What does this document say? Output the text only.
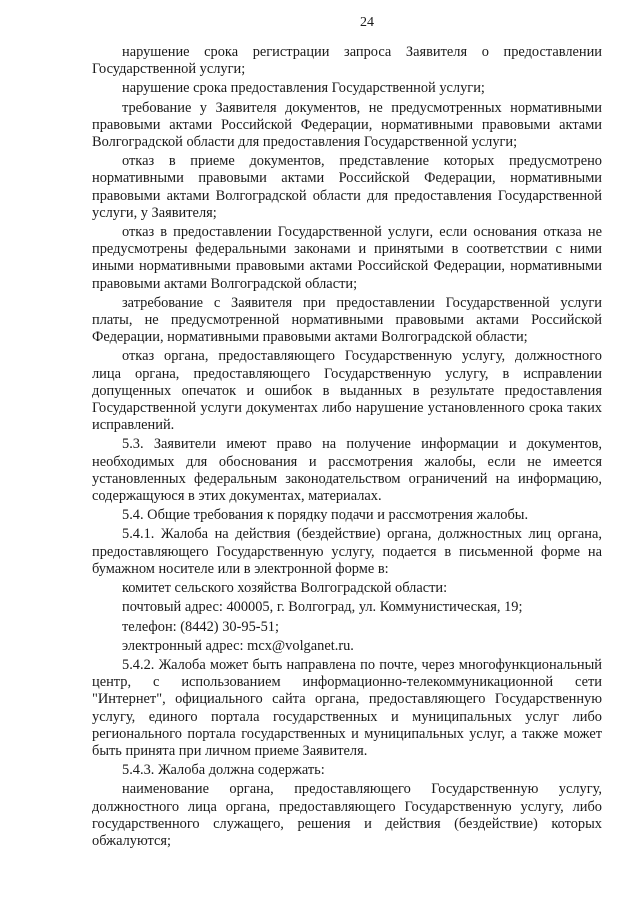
24

нарушение срока регистрации запроса Заявителя о предоставлении Государственной услуги;

нарушение срока предоставления Государственной услуги;

требование у Заявителя документов, не предусмотренных нормативными правовыми актами Российской Федерации, нормативными правовыми актами Волгоградской области для предоставления Государственной услуги;

отказ в приеме документов, представление которых предусмотрено нормативными правовыми актами Российской Федерации, нормативными правовыми актами Волгоградской области для предоставления Государственной услуги, у Заявителя;

отказ в предоставлении Государственной услуги, если основания отказа не предусмотрены федеральными законами и принятыми в соответствии с ними иными нормативными правовыми актами Российской Федерации, нормативными правовыми актами Волгоградской области;

затребование с Заявителя при предоставлении Государственной услуги платы, не предусмотренной нормативными правовыми актами Российской Федерации, нормативными правовыми актами Волгоградской области;

отказ органа, предоставляющего Государственную услугу, должностного лица органа, предоставляющего Государственную услугу, в исправлении допущенных опечаток и ошибок в выданных в результате предоставления Государственной услуги документах либо нарушение установленного срока таких исправлений.

5.3. Заявители имеют право на получение информации и документов, необходимых для обоснования и рассмотрения жалобы, если не имеется установленных федеральным законодательством ограничений на информацию, содержащуюся в этих документах, материалах.

5.4. Общие требования к порядку подачи и рассмотрения жалобы.

5.4.1. Жалоба на действия (бездействие) органа, должностных лиц органа, предоставляющего Государственную услугу, подается в письменной форме на бумажном носителе или в электронной форме в:

комитет сельского хозяйства Волгоградской области:

почтовый адрес: 400005, г. Волгоград, ул. Коммунистическая, 19;

телефон: (8442) 30-95-51;

электронный адрес: mcx@volganet.ru.

5.4.2. Жалоба может быть направлена по почте, через многофункциональный центр, с использованием информационно-телекоммуникационной сети "Интернет", официального сайта органа, предоставляющего Государственную услугу, единого портала государственных и муниципальных услуг либо регионального портала государственных и муниципальных услуг, а также может быть принята при личном приеме Заявителя.

5.4.3. Жалоба должна содержать:

наименование органа, предоставляющего Государственную услугу, должностного лица органа, предоставляющего Государственную услугу, либо государственного служащего, решения и действия (бездействие) которых обжалуются;
